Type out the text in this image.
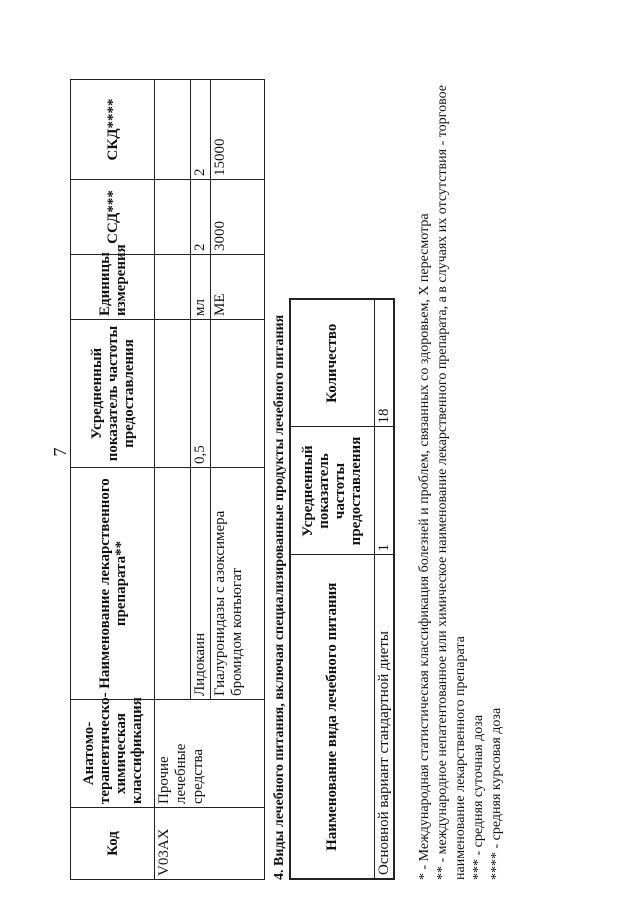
7
Код	Анатомо-терапевтическо-химическая классификация	Наименование лекарственного препарата**	Усредненный показатель частоты предоставления	Единицы измерения	ССД***	СКД****
V03AX	Прочие лечебные средства					
		Лидокаин	0,5	мл	2	2
		Гиалуронидазы с азоксимера бромидом конъюгат		МЕ	3000	15000
4. Виды лечебного питания, включая специализированные продукты лечебного питания Наименование вида лечебного питания	Усредненный показатель частоты предоставления	Количество
Основной вариант стандартной диеты	1	18 * - Международная статистическая классификация болезней и проблем, связанных со здоровьем, X пересмотра ** - международное непатентованное или химическое наименование лекарственного препарата, а в случаях их отсутствия - торговое наименование лекарственного препарата *** - средняя суточная доза **** - средняя курсовая доза
